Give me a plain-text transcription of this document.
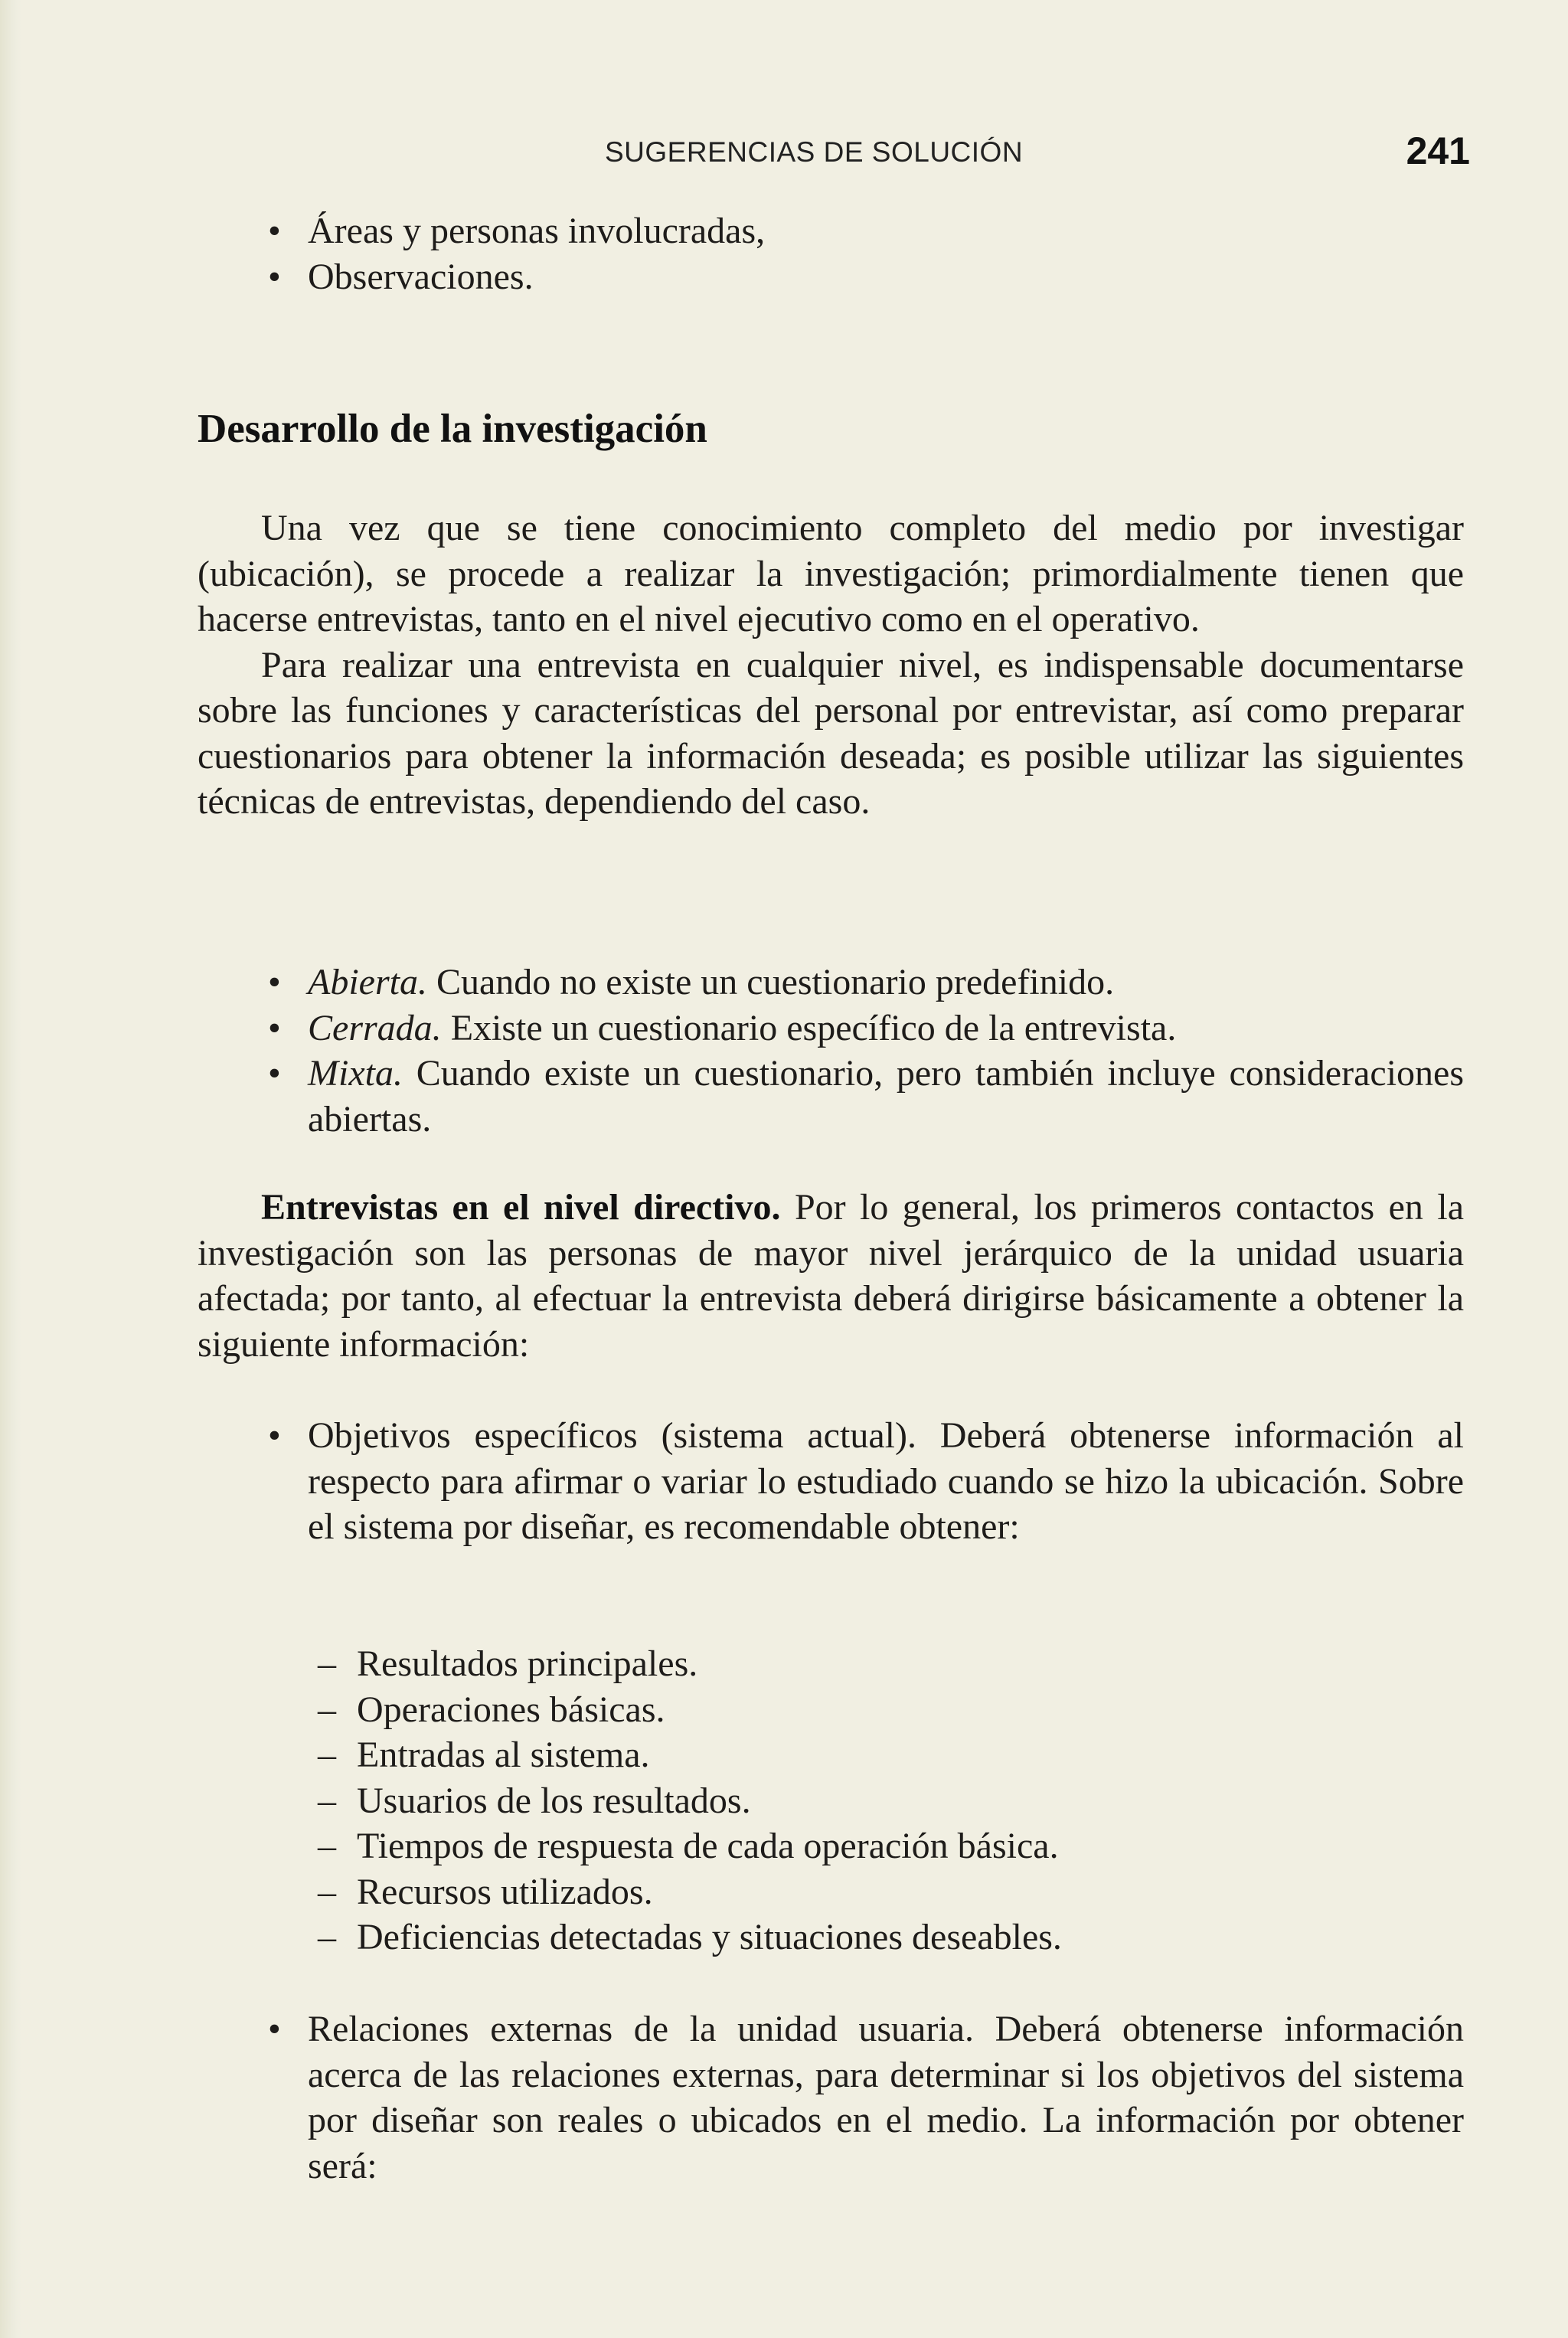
SUGERENCIAS DE SOLUCIÓN	241
• Áreas y personas involucradas,
• Observaciones.
Desarrollo de la investigación

Una vez que se tiene conocimiento completo del medio por investigar (ubicación), se procede a realizar la investigación; primordialmente tienen que hacerse entrevistas, tanto en el nivel ejecutivo como en el operativo.

Para realizar una entrevista en cualquier nivel, es indispensable documentarse sobre las funciones y características del personal por entrevistar, así como preparar cuestionarios para obtener la información deseada; es posible utilizar las siguientes técnicas de entrevistas, dependiendo del caso.

• Abierta. Cuando no existe un cuestionario predefinido.
• Cerrada. Existe un cuestionario específico de la entrevista.
• Mixta. Cuando existe un cuestionario, pero también incluye consideraciones abiertas.

Entrevistas en el nivel directivo. Por lo general, los primeros contactos en la investigación son las personas de mayor nivel jerárquico de la unidad usuaria afectada; por tanto, al efectuar la entrevista deberá dirigirse básicamente a obtener la siguiente información:

• Objetivos específicos (sistema actual). Deberá obtenerse información al respecto para afirmar o variar lo estudiado cuando se hizo la ubicación. Sobre el sistema por diseñar, es recomendable obtener:
– Resultados principales.
– Operaciones básicas.
– Entradas al sistema.
– Usuarios de los resultados.
– Tiempos de respuesta de cada operación básica.
– Recursos utilizados.
– Deficiencias detectadas y situaciones deseables.
• Relaciones externas de la unidad usuaria. Deberá obtenerse información acerca de las relaciones externas, para determinar si los objetivos del sistema por diseñar son reales o ubicados en el medio. La información por obtener será:
